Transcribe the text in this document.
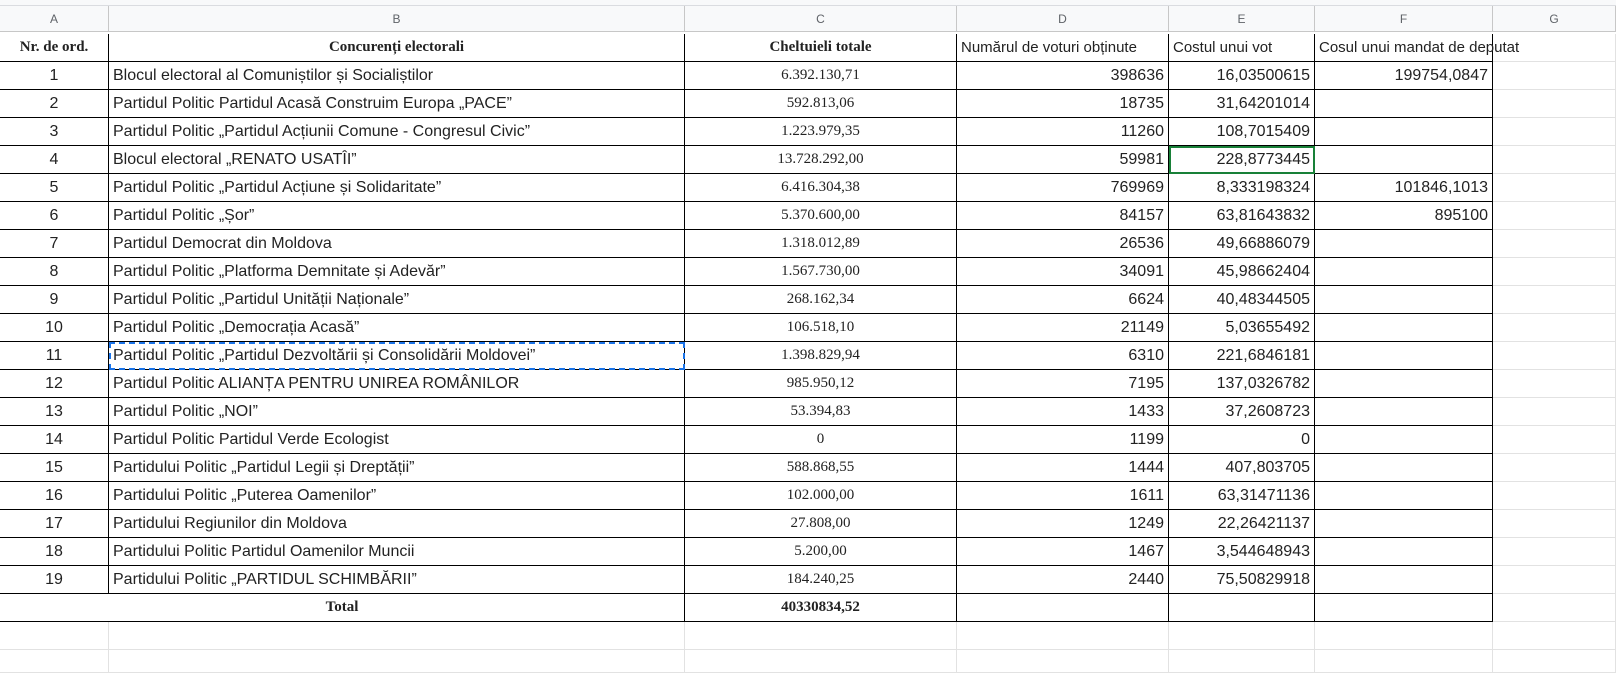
A	B	C	D	E	F	G
Nr. de ord.	Concurenți electorali	Cheltuieli totale	Numărul de voturi obținute	Costul unui vot	Cosul unui mandat de deputat
1	Blocul electoral al Comuniștilor și Socialiștilor	6.392.130,71	398636	16,03500615	199754,0847
2	Partidul Politic Partidul Acasă Construim Europa „PACE”	592.813,06	18735	31,64201014
3	Partidul Politic „Partidul Acțiunii Comune - Congresul Civic”	1.223.979,35	11260	108,7015409
4	Blocul electoral „RENATO USATÎI”	13.728.292,00	59981	228,8773445
5	Partidul Politic „Partidul Acțiune și Solidaritate”	6.416.304,38	769969	8,333198324	101846,1013
6	Partidul Politic „Șor”	5.370.600,00	84157	63,81643832	895100
7	Partidul Democrat din Moldova	1.318.012,89	26536	49,66886079
8	Partidul Politic „Platforma Demnitate și Adevăr”	1.567.730,00	34091	45,98662404
9	Partidul Politic „Partidul Unității Naționale”	268.162,34	6624	40,48344505
10	Partidul Politic „Democrația Acasă”	106.518,10	21149	5,03655492
11	Partidul Politic „Partidul Dezvoltării și Consolidării Moldovei”	1.398.829,94	6310	221,6846181
12	Partidul Politic ALIANȚA PENTRU UNIREA ROMÂNILOR	985.950,12	7195	137,0326782
13	Partidul Politic „NOI”	53.394,83	1433	37,2608723
14	Partidul Politic Partidul Verde Ecologist	0	1199	0
15	Partidului Politic „Partidul Legii și Dreptății”	588.868,55	1444	407,803705
16	Partidului Politic „Puterea Oamenilor”	102.000,00	1611	63,31471136
17	Partidului Regiunilor din Moldova	27.808,00	1249	22,26421137
18	Partidului Politic Partidul Oamenilor Muncii	5.200,00	1467	3,544648943
19	Partidului Politic „PARTIDUL SCHIMBĂRII”	184.240,25	2440	75,50829918
Total	40330834,52
